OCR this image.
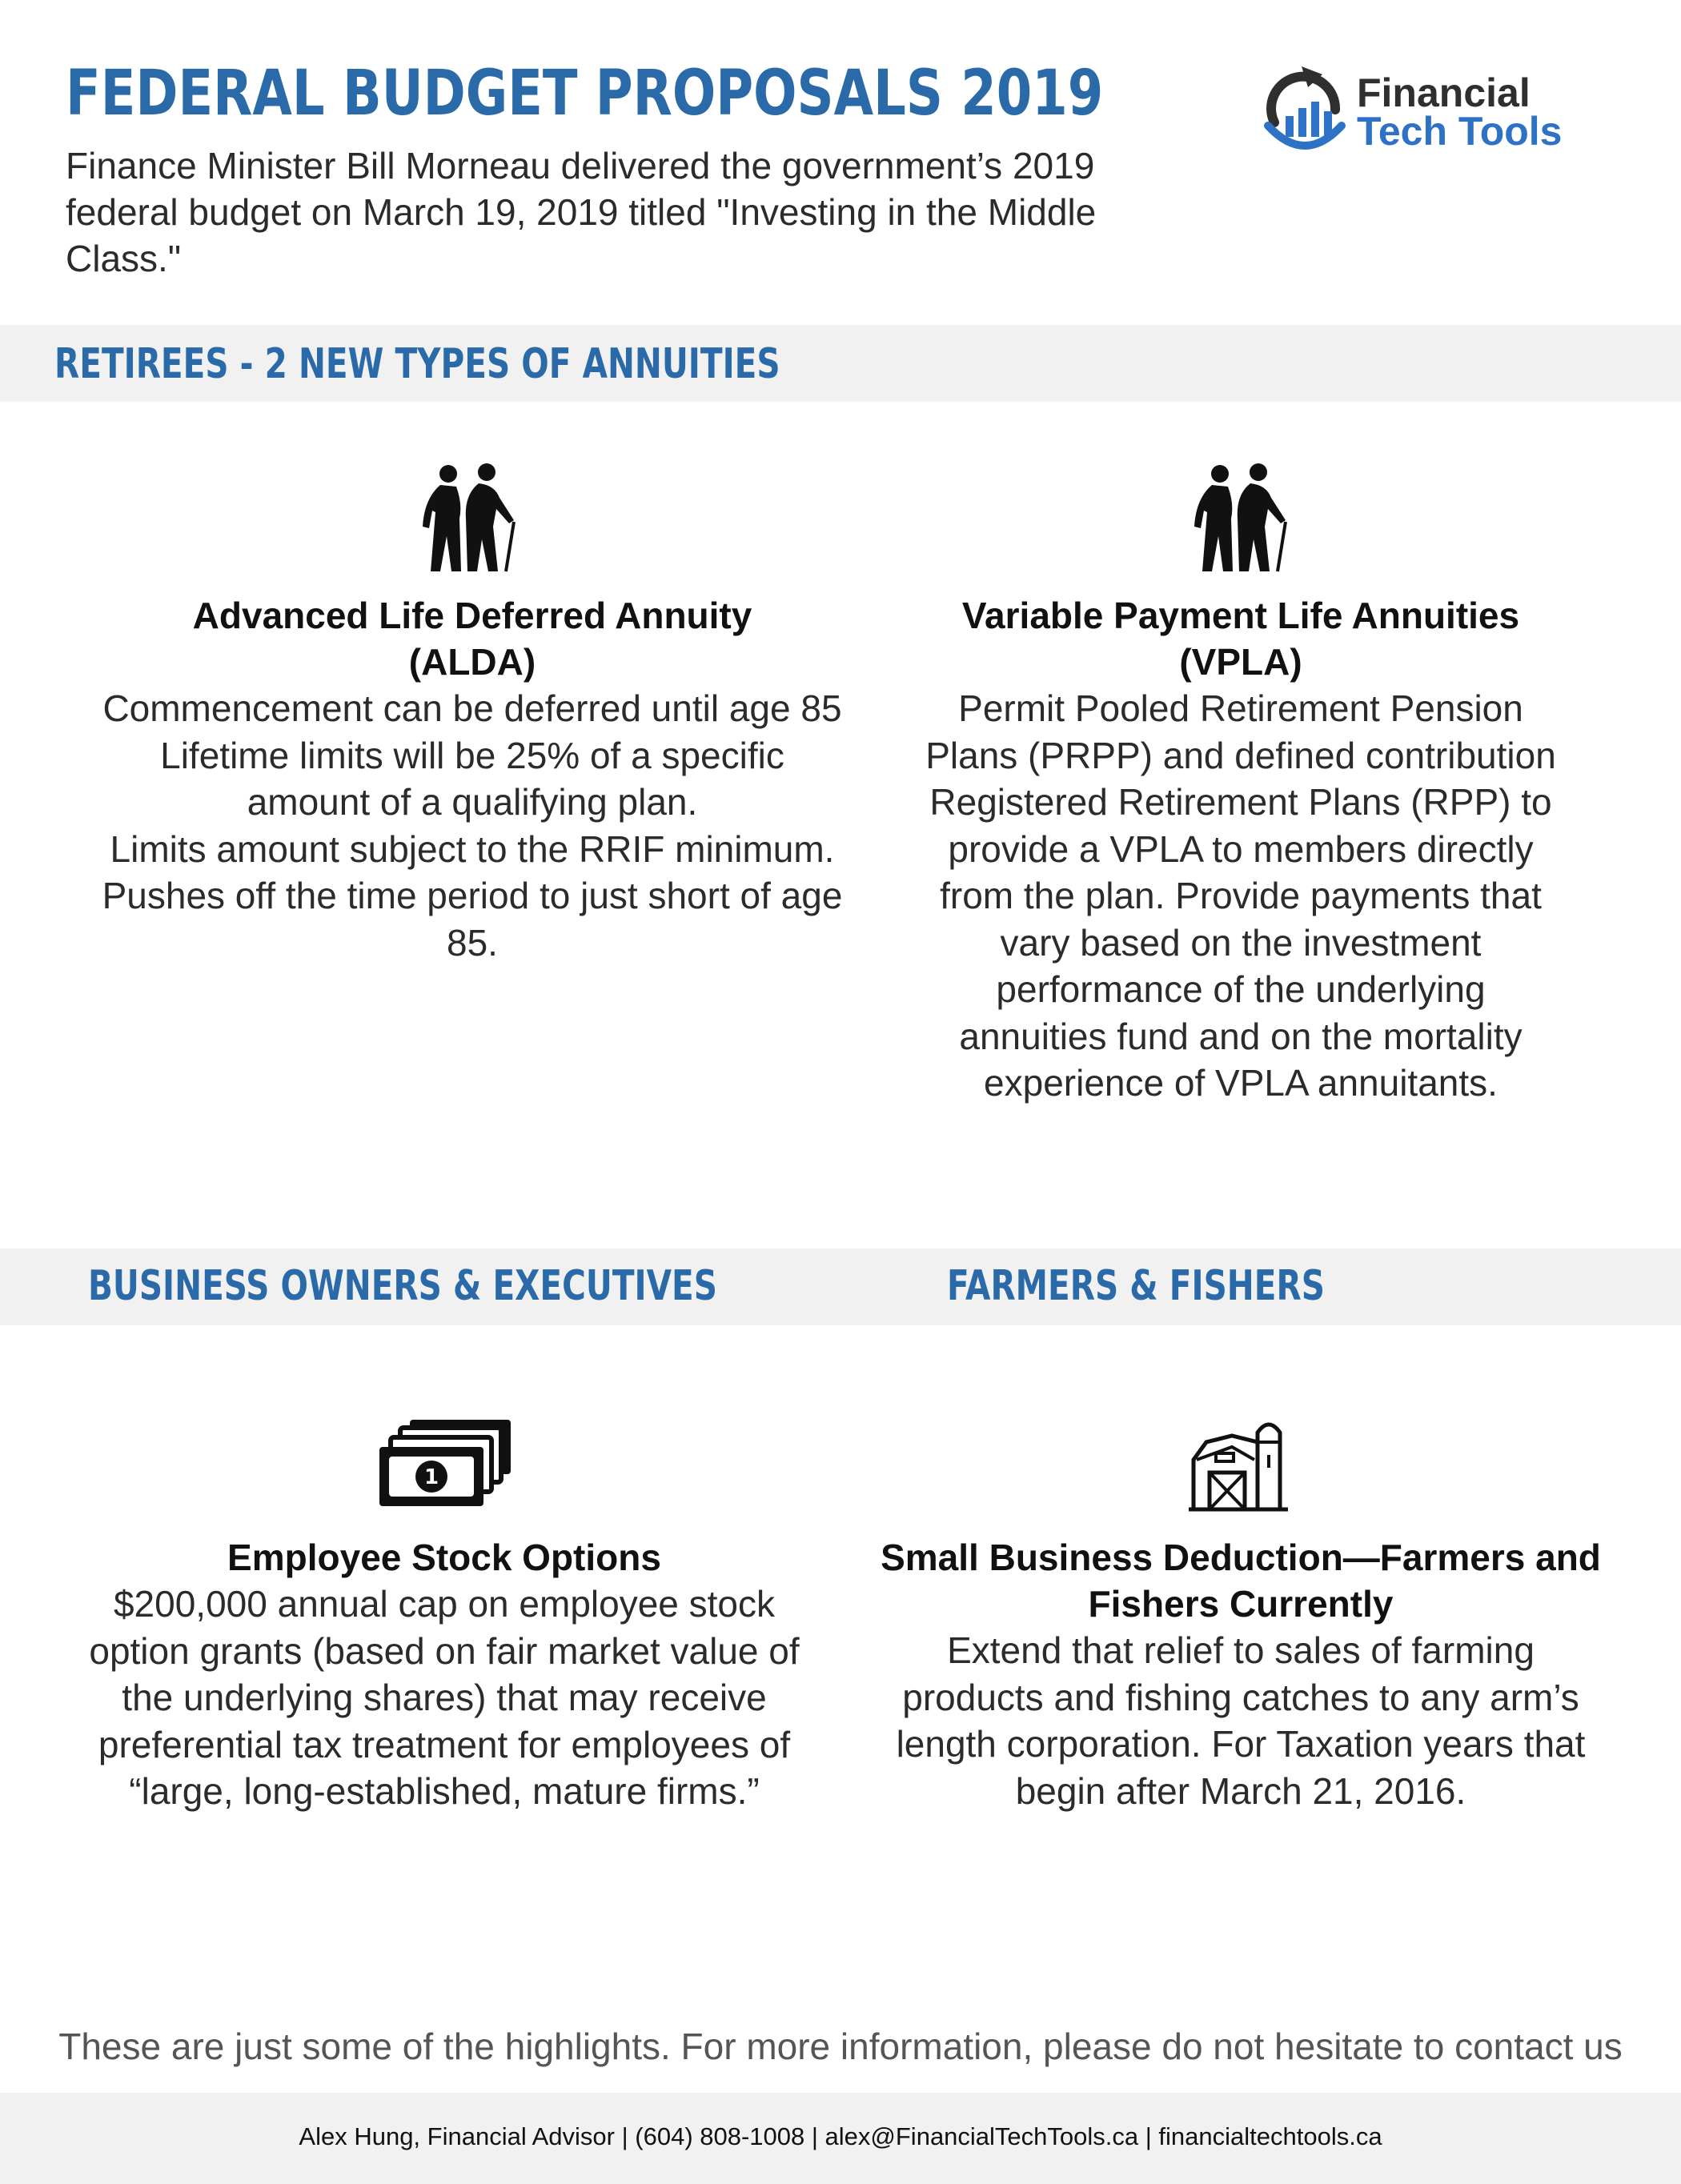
FEDERAL BUDGET PROPOSALS 2019

Finance Minister Bill Morneau delivered the government’s 2019
federal budget on March 19, 2019 titled "Investing in the Middle
Class."

Financial
Tech Tools

RETIREES - 2 NEW TYPES OF ANNUITIES
Advanced Life Deferred Annuity
(ALDA)
Commencement can be deferred until age 85
Lifetime limits will be 25% of a specific
amount of a qualifying plan.
Limits amount subject to the RRIF minimum.
Pushes off the time period to just short of age
85.
Variable Payment Life Annuities
(VPLA)
Permit Pooled Retirement Pension
Plans (PRPP) and defined contribution
Registered Retirement Plans (RPP) to
provide a VPLA to members directly
from the plan. Provide payments that
vary based on the investment
performance of the underlying
annuities fund and on the mortality
experience of VPLA annuitants.
BUSINESS OWNERS & EXECUTIVES	FARMERS & FISHERS
1
Employee Stock Options
$200,000 annual cap on employee stock
option grants (based on fair market value of
the underlying shares) that may receive
preferential tax treatment for employees of
“large, long-established, mature firms.”
Small Business Deduction—Farmers and
Fishers Currently
Extend that relief to sales of farming
products and fishing catches to any arm’s
length corporation. For Taxation years that
begin after March 21, 2016.

These are just some of the highlights. For more information, please do not hesitate to contact us

Alex Hung, Financial Advisor | (604) 808-1008 | alex@FinancialTechTools.ca | financialtechtools.ca
